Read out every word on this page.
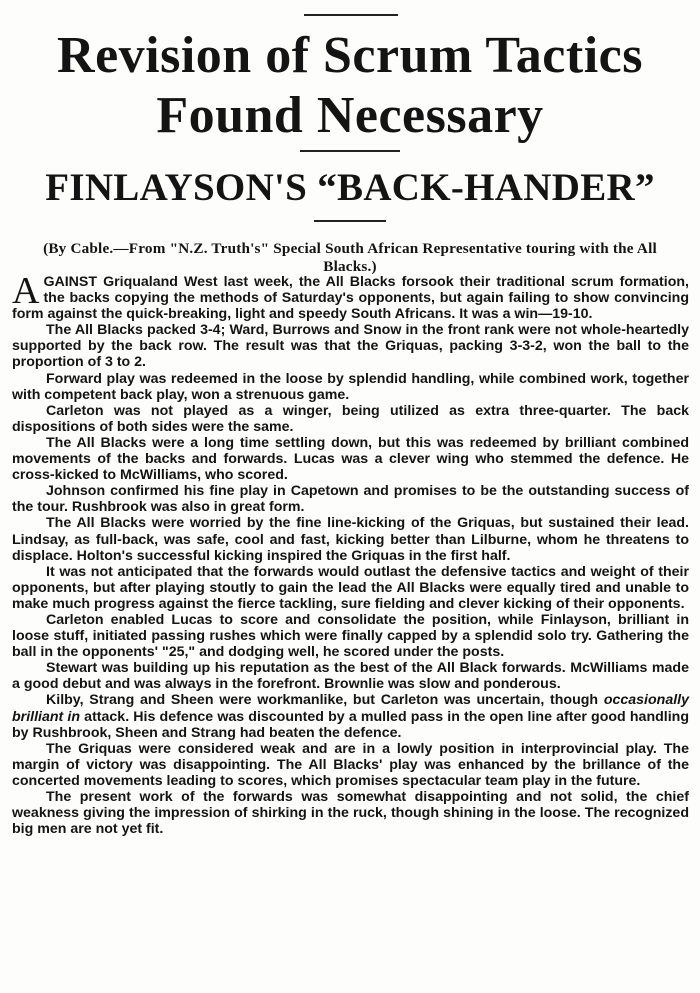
Revision of Scrum Tactics
Found Necessary
FINLAYSON'S “BACK-HANDER”

(By Cable.—From "N.Z. Truth's" Special South African Representative touring with the All Blacks.)

AGAINST Griqualand West last week, the All Blacks forsook their traditional scrum formation, the backs copying the methods of Saturday's opponents, but again failing to show convincing form against the quick-breaking, light and speedy South Africans. It was a win—19-10.

The All Blacks packed 3-4; Ward, Burrows and Snow in the front rank were not whole-heartedly supported by the back row. The result was that the Griquas, packing 3-3-2, won the ball to the proportion of 3 to 2.

Forward play was redeemed in the loose by splendid handling, while combined work, together with competent back play, won a strenuous game.

Carleton was not played as a winger, being utilized as extra three-quarter. The back dispositions of both sides were the same.

The All Blacks were a long time settling down, but this was redeemed by brilliant combined movements of the backs and forwards. Lucas was a clever wing who stemmed the defence. He cross-kicked to McWilliams, who scored.

Johnson confirmed his fine play in Capetown and promises to be the outstanding success of the tour. Rushbrook was also in great form.

The All Blacks were worried by the fine line-kicking of the Griquas, but sustained their lead. Lindsay, as full-back, was safe, cool and fast, kicking better than Lilburne, whom he threatens to displace. Holton's successful kicking inspired the Griquas in the first half.

It was not anticipated that the forwards would outlast the defensive tactics and weight of their opponents, but after playing stoutly to gain the lead the All Blacks were equally tired and unable to make much progress against the fierce tackling, sure fielding and clever kicking of their opponents.

Carleton enabled Lucas to score and consolidate the position, while Finlayson, brilliant in loose stuff, initiated passing rushes which were finally capped by a splendid solo try. Gathering the ball in the opponents' "25," and dodging well, he scored under the posts.

Stewart was building up his reputation as the best of the All Black forwards. McWilliams made a good debut and was always in the forefront. Brownlie was slow and ponderous.

Kilby, Strang and Sheen were workmanlike, but Carleton was uncertain, though occasionally brilliant in attack. His defence was discounted by a mulled pass in the open line after good handling by Rushbrook, Sheen and Strang had beaten the defence.

The Griquas were considered weak and are in a lowly position in interprovincial play. The margin of victory was disappointing. The All Blacks' play was enhanced by the brillance of the concerted movements leading to scores, which promises spectacular team play in the future.

The present work of the forwards was somewhat disappointing and not solid, the chief weakness giving the impression of shirking in the ruck, though shining in the loose. The recognized big men are not yet fit.
